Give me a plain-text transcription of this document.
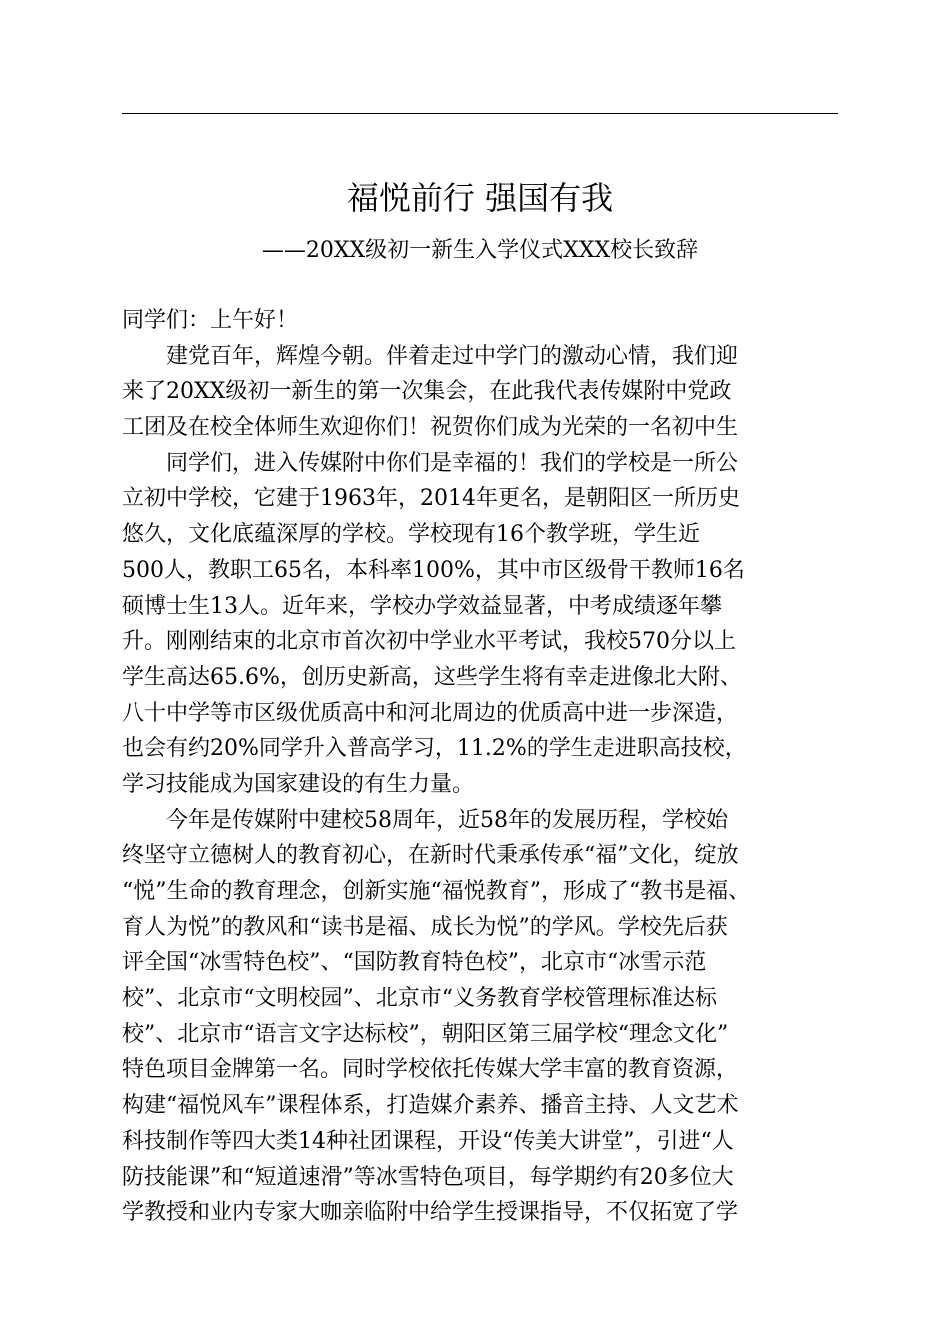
福悦前行 强国有我
——20XX级初一新生入学仪式XXX校长致辞
同学们：上午好！
建党百年，辉煌今朝。伴着走过中学门的激动心情，我们迎
来了20XX级初一新生的第一次集会，在此我代表传媒附中党政
工团及在校全体师生欢迎你们！祝贺你们成为光荣的一名初中生
同学们，进入传媒附中你们是幸福的！我们的学校是一所公
立初中学校，它建于1963年，2014年更名，是朝阳区一所历史
悠久，文化底蕴深厚的学校。学校现有16个教学班，学生近
500人，教职工65名，本科率100%，其中市区级骨干教师16名
硕博士生13人。近年来，学校办学效益显著，中考成绩逐年攀
升。刚刚结束的北京市首次初中学业水平考试，我校570分以上
学生高达65.6%，创历史新高，这些学生将有幸走进像北大附、
八十中学等市区级优质高中和河北周边的优质高中进一步深造，
也会有约20%同学升入普高学习，11.2%的学生走进职高技校，
学习技能成为国家建设的有生力量。
今年是传媒附中建校58周年，近58年的发展历程，学校始
终坚守立德树人的教育初心，在新时代秉承传承“福”文化，绽放
“悦”生命的教育理念，创新实施“福悦教育”，形成了“教书是福、
育人为悦”的教风和“读书是福、成长为悦”的学风。学校先后获
评全国“冰雪特色校”、“国防教育特色校”，北京市“冰雪示范
校”、北京市“文明校园”、北京市“义务教育学校管理标准达标
校”、北京市“语言文字达标校”，朝阳区第三届学校“理念文化”
特色项目金牌第一名。同时学校依托传媒大学丰富的教育资源，
构建“福悦风车”课程体系，打造媒介素养、播音主持、人文艺术
科技制作等四大类14种社团课程，开设“传美大讲堂”，引进“人
防技能课”和“短道速滑”等冰雪特色项目，每学期约有20多位大
学教授和业内专家大咖亲临附中给学生授课指导，不仅拓宽了学
